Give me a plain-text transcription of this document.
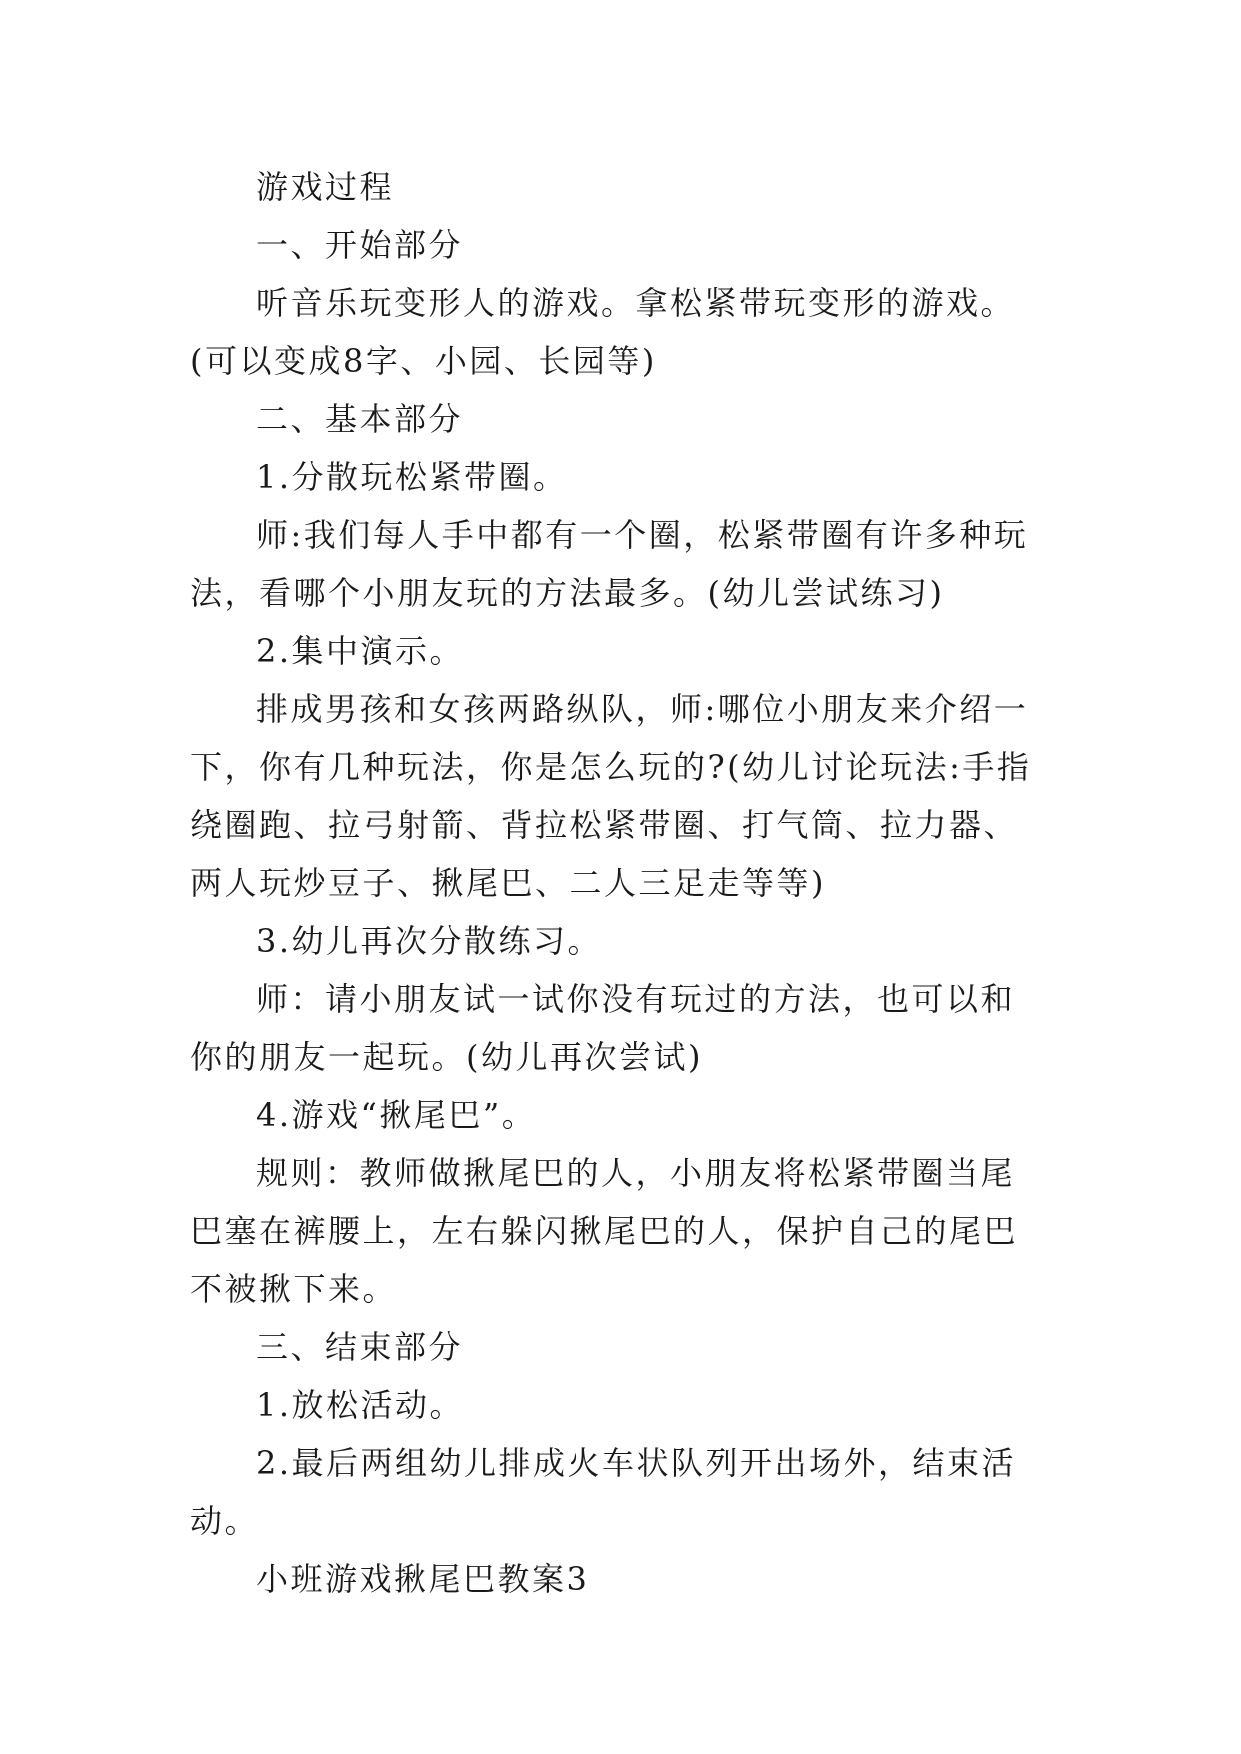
游戏过程

一、开始部分

听音乐玩变形人的游戏。拿松紧带玩变形的游戏。(可以变成8字、小园、长园等)

二、基本部分

1.分散玩松紧带圈。

师:我们每人手中都有一个圈，松紧带圈有许多种玩法，看哪个小朋友玩的方法最多。(幼儿尝试练习)

2.集中演示。

排成男孩和女孩两路纵队，师:哪位小朋友来介绍一下，你有几种玩法，你是怎么玩的?(幼儿讨论玩法:手指绕圈跑、拉弓射箭、背拉松紧带圈、打气筒、拉力器、两人玩炒豆子、揪尾巴、二人三足走等等)

3.幼儿再次分散练习。

师：请小朋友试一试你没有玩过的方法，也可以和你的朋友一起玩。(幼儿再次尝试)

4.游戏“揪尾巴”。

规则：教师做揪尾巴的人，小朋友将松紧带圈当尾巴塞在裤腰上，左右躲闪揪尾巴的人，保护自己的尾巴不被揪下来。

三、结束部分

1.放松活动。

2.最后两组幼儿排成火车状队列开出场外，结束活动。

小班游戏揪尾巴教案3
